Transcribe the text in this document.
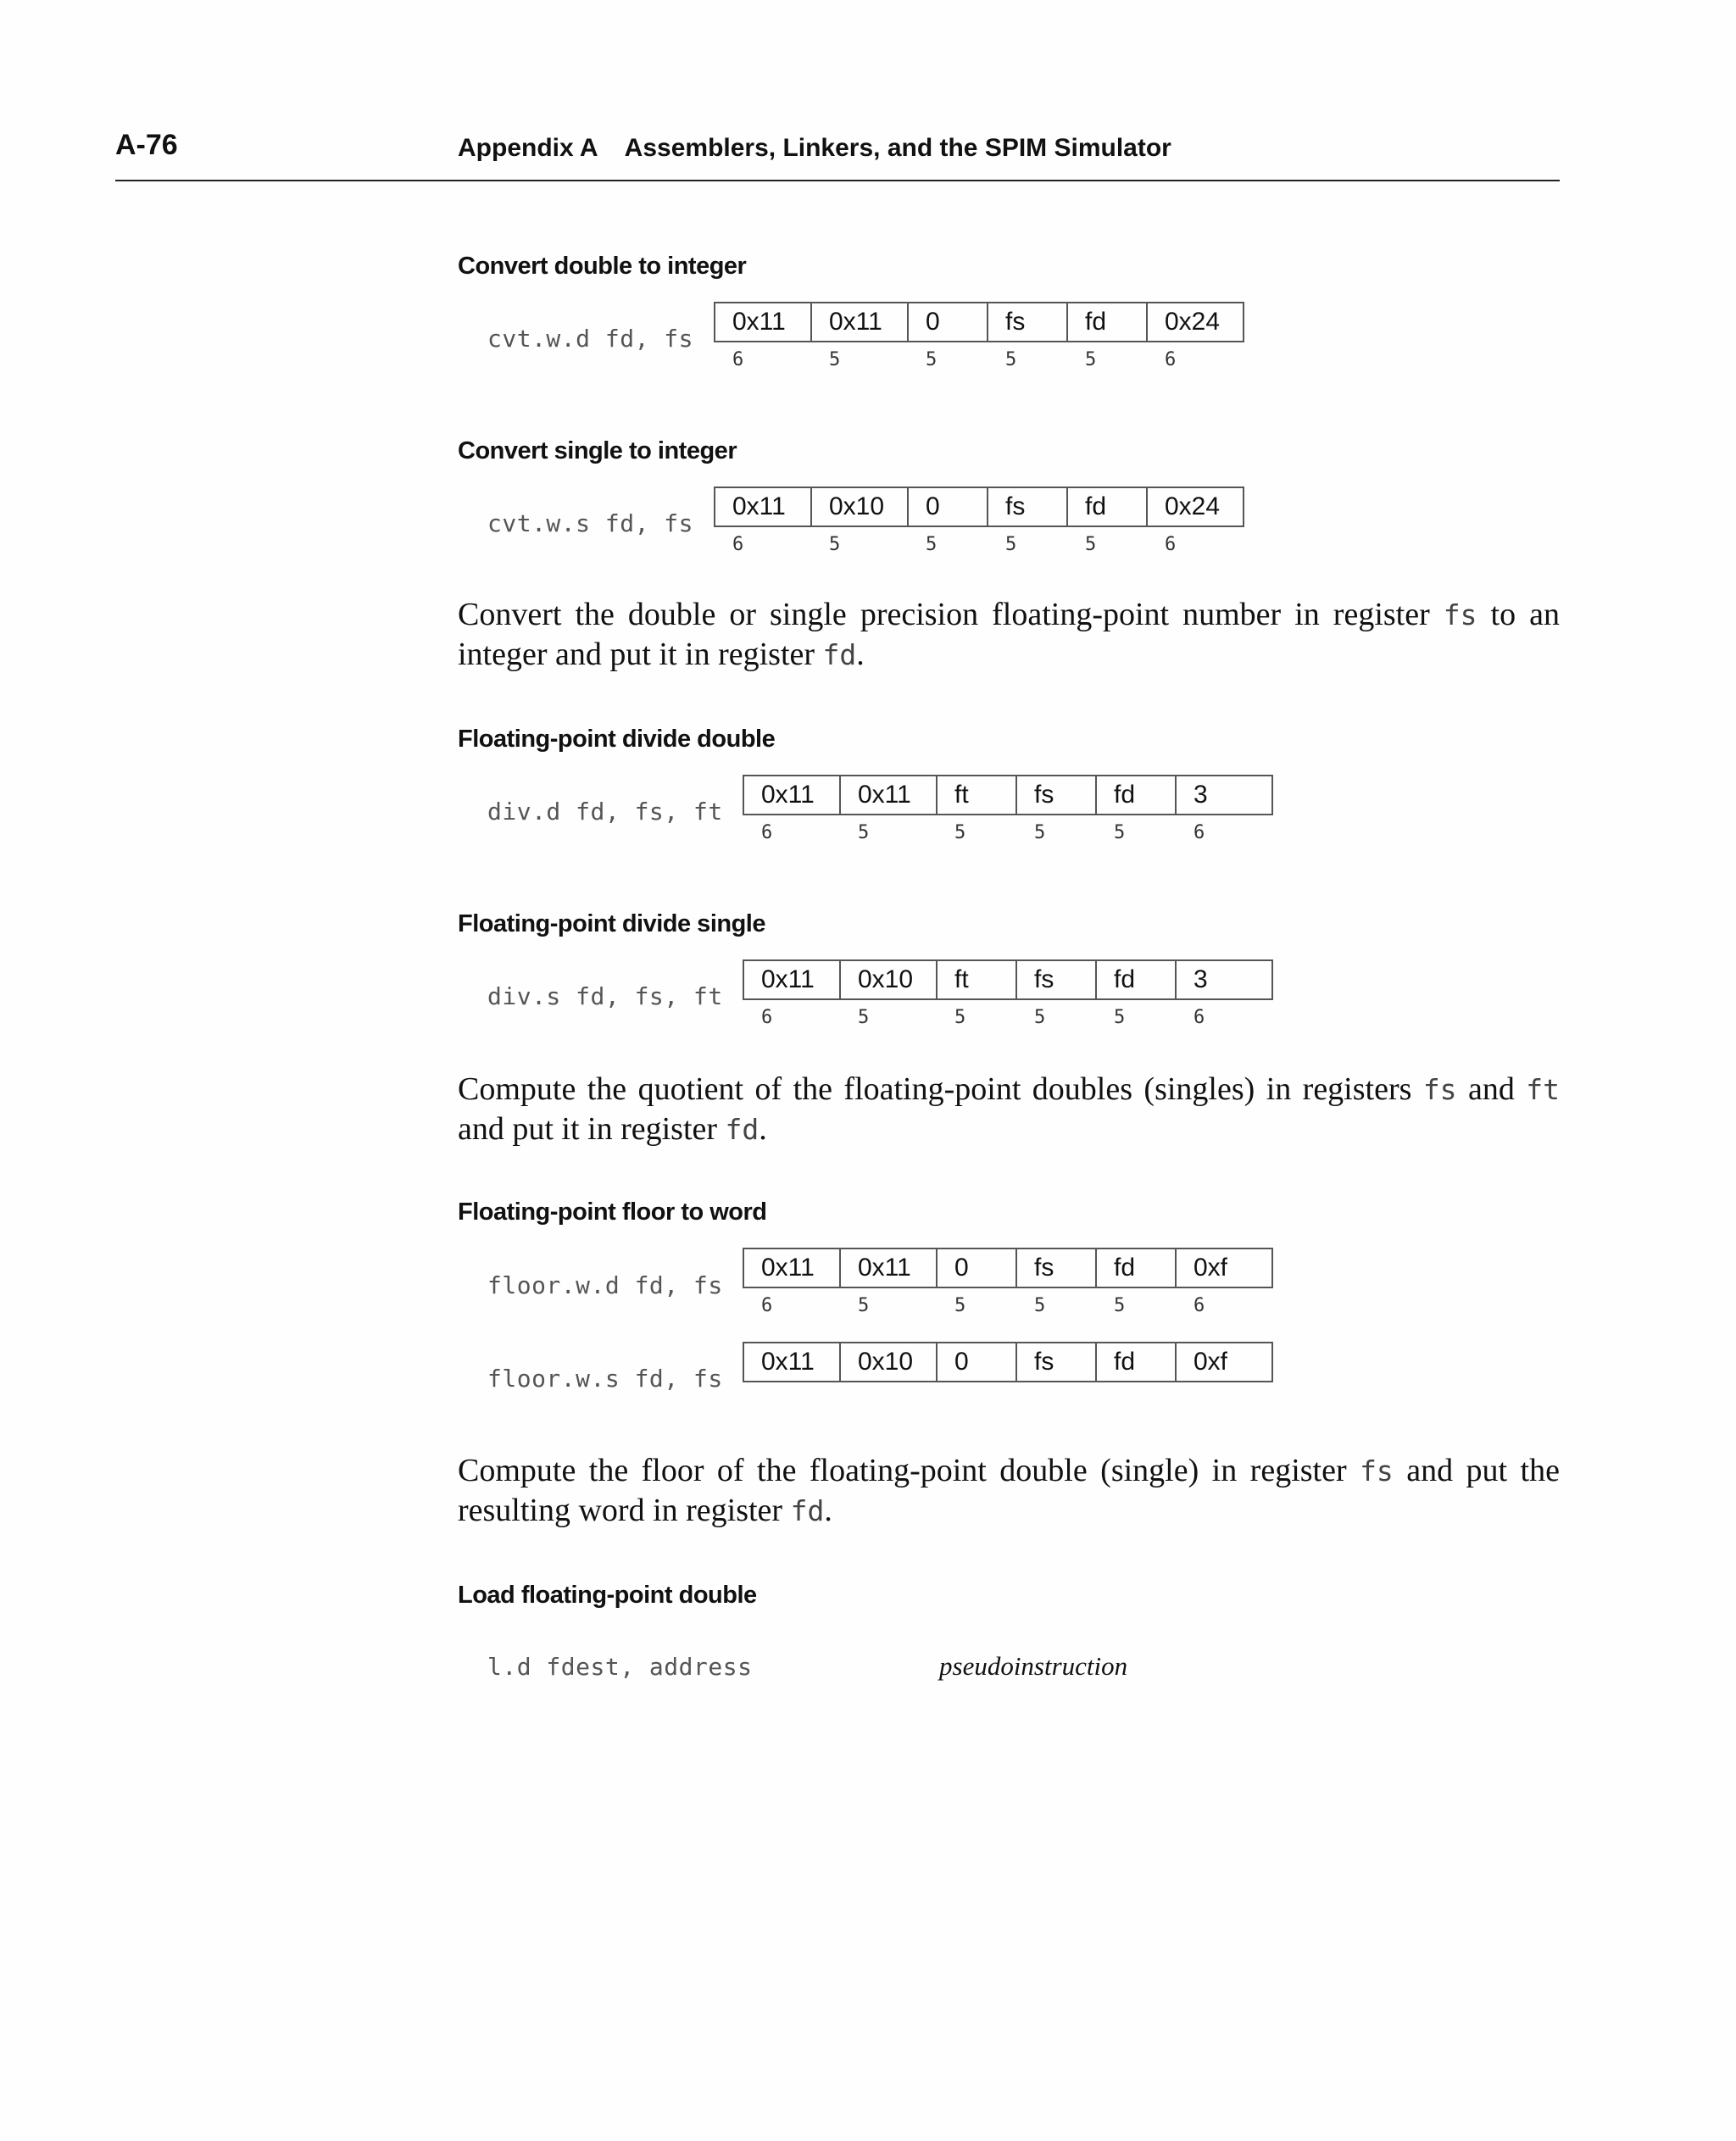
A-76	Appendix A    Assemblers, Linkers, and the SPIM Simulator
Convert double to integer
cvt.w.d fd, fs
0x11	0x11	0	fs	fd	0x24
6	5	5	5	5	6
Convert single to integer
cvt.w.s fd, fs
0x11	0x10	0	fs	fd	0x24
6	5	5	5	5	6
Convert the double or single precision floating-point number in register fs to an integer and put it in register fd.
Floating-point divide double
div.d fd, fs, ft
0x11	0x11	ft	fs	fd	3
6	5	5	5	5	6
Floating-point divide single
div.s fd, fs, ft
0x11	0x10	ft	fs	fd	3
6	5	5	5	5	6
Compute the quotient of the floating-point doubles (singles) in registers fs and ft and put it in register fd.
Floating-point floor to word
floor.w.d fd, fs
0x11	0x11	0	fs	fd	0xf
6	5	5	5	5	6
floor.w.s fd, fs
0x11	0x10	0	fs	fd	0xf
Compute the floor of the floating-point double (single) in register fs and put the resulting word in register fd.
Load floating-point double
l.d fdest, address	pseudoinstruction
